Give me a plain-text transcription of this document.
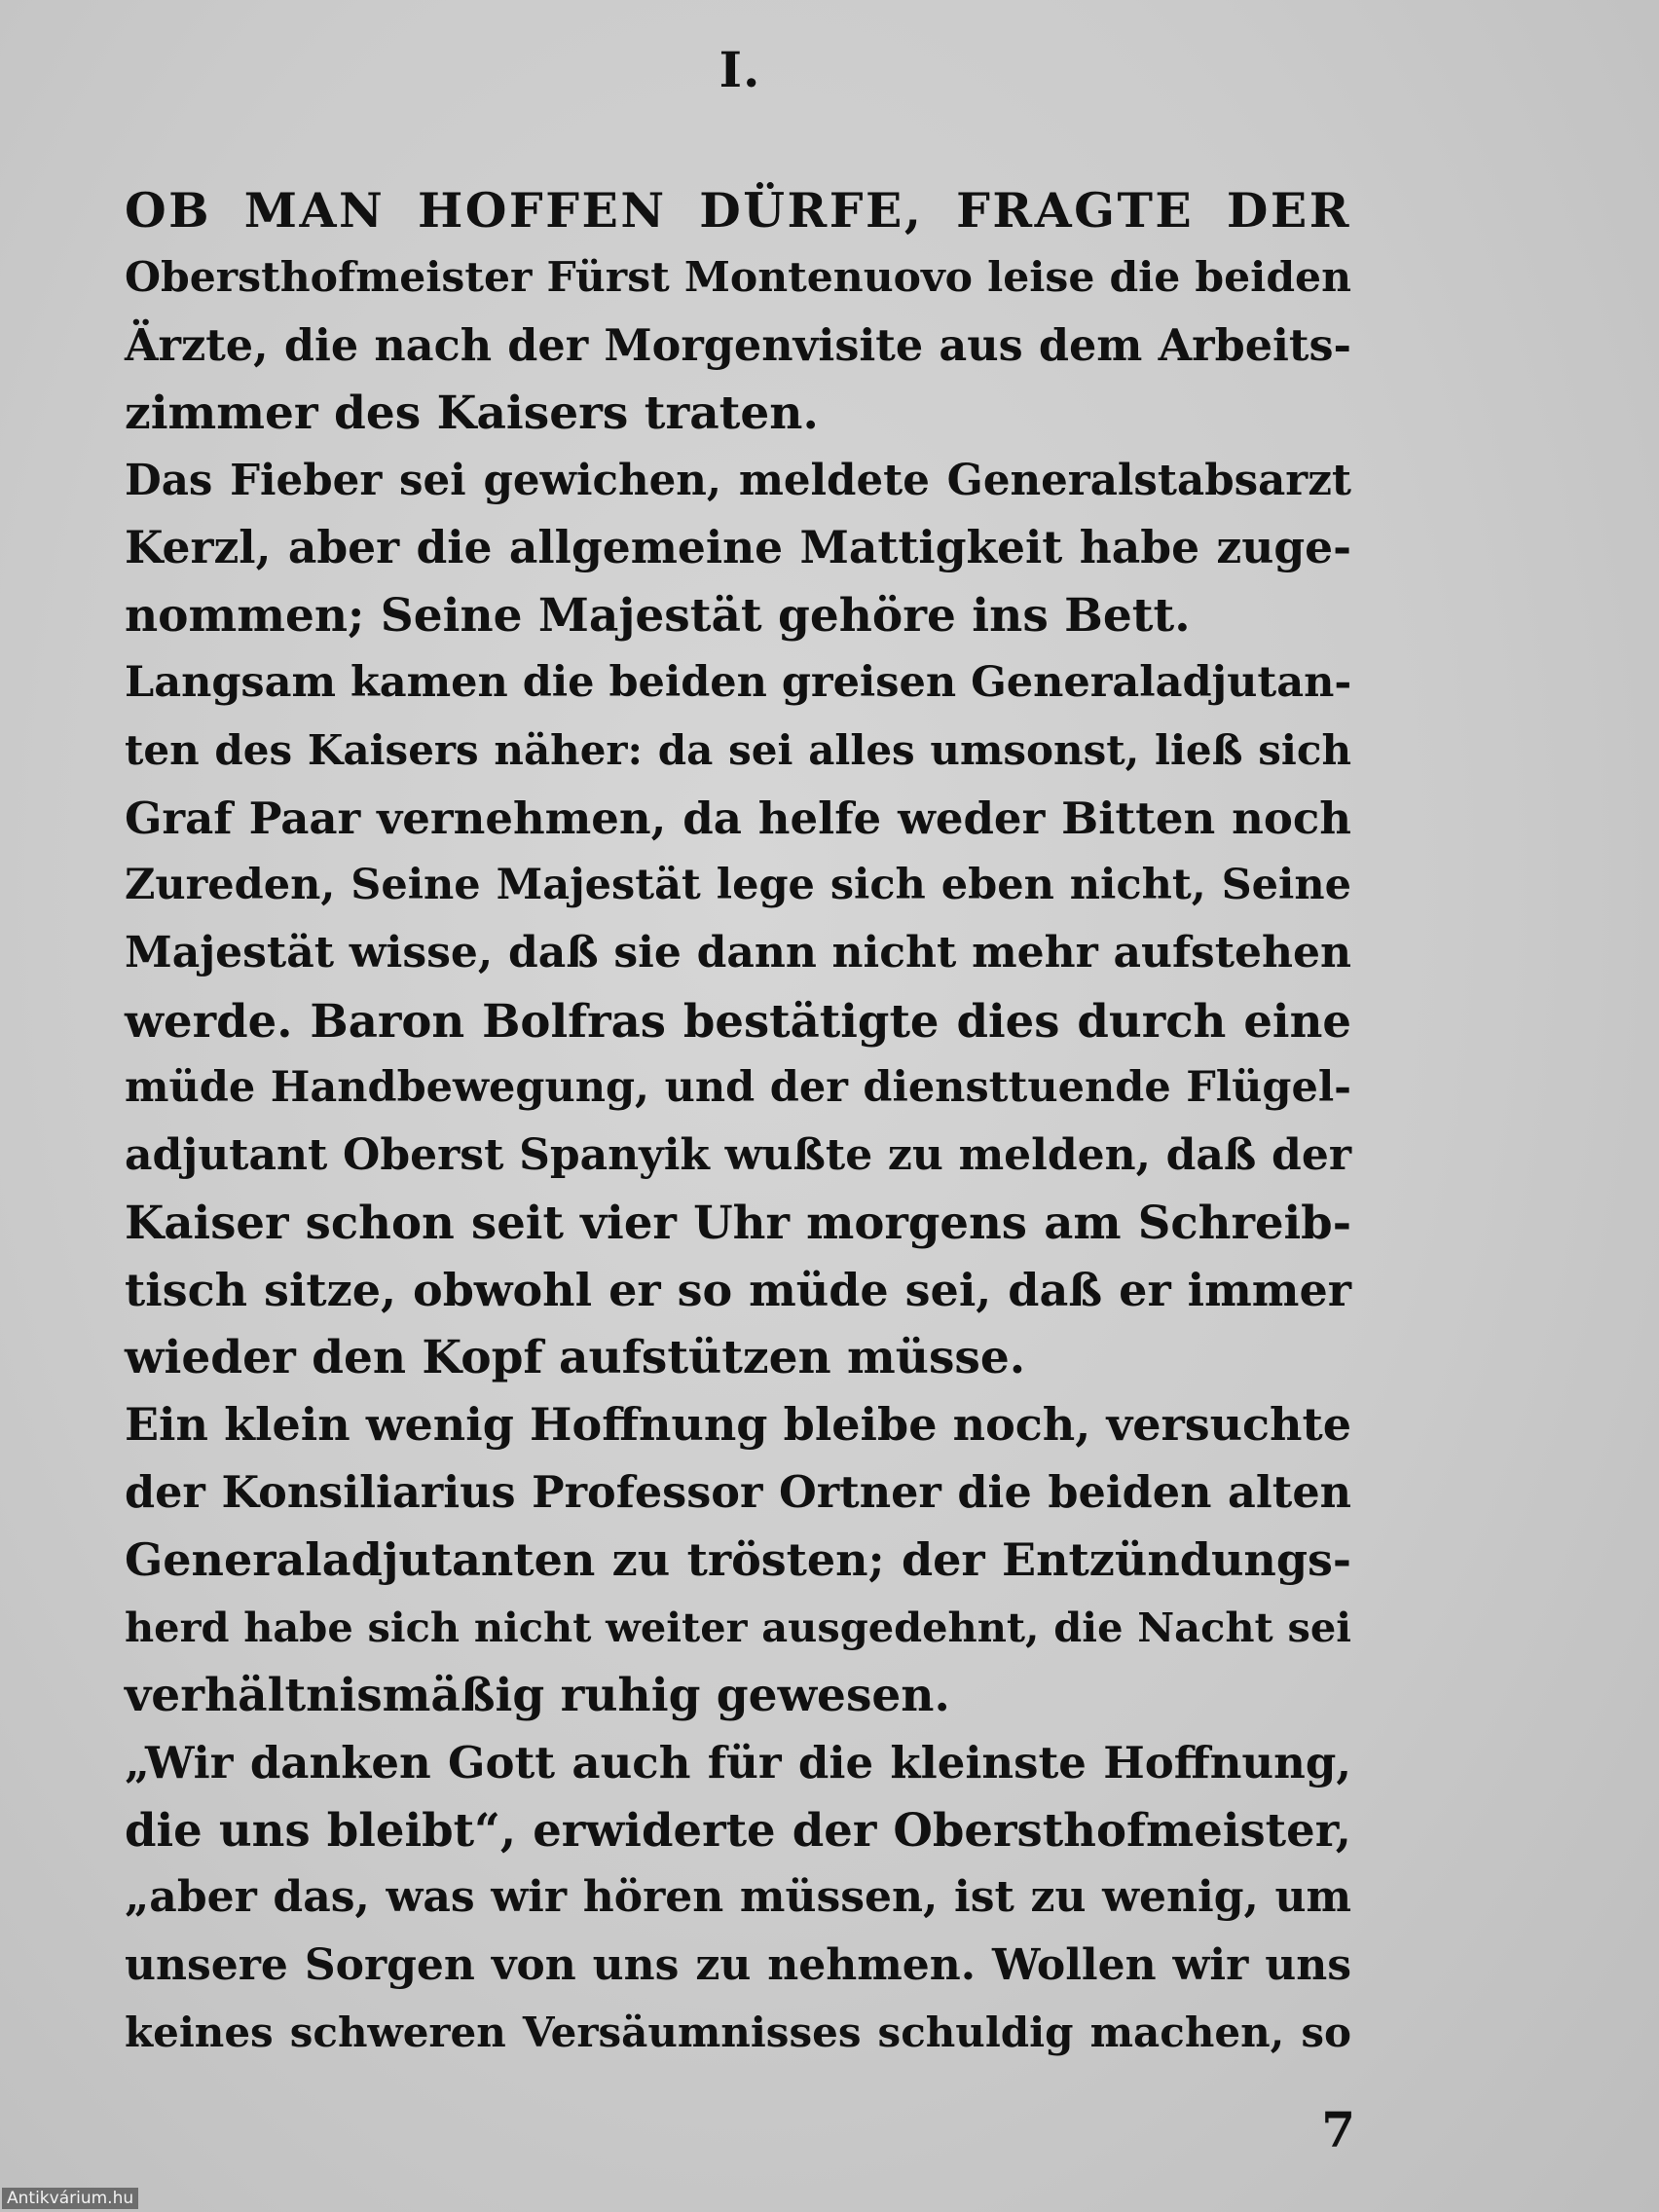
I.
OB MAN HOFFEN DÜRFE, FRAGTE DER
Obersthofmeister Fürst Montenuovo leise die beiden
Ärzte, die nach der Morgenvisite aus dem Arbeits-
zimmer des Kaisers traten.
Das Fieber sei gewichen, meldete Generalstabsarzt
Kerzl, aber die allgemeine Mattigkeit habe zuge-
nommen; Seine Majestät gehöre ins Bett.
Langsam kamen die beiden greisen Generaladjutan-
ten des Kaisers näher: da sei alles umsonst, ließ sich
Graf Paar vernehmen, da helfe weder Bitten noch
Zureden, Seine Majestät lege sich eben nicht, Seine
Majestät wisse, daß sie dann nicht mehr aufstehen
werde. Baron Bolfras bestätigte dies durch eine
müde Handbewegung, und der diensttuende Flügel-
adjutant Oberst Spanyik wußte zu melden, daß der
Kaiser schon seit vier Uhr morgens am Schreib-
tisch sitze, obwohl er so müde sei, daß er immer
wieder den Kopf aufstützen müsse.
Ein klein wenig Hoffnung bleibe noch, versuchte
der Konsiliarius Professor Ortner die beiden alten
Generaladjutanten zu trösten; der Entzündungs-
herd habe sich nicht weiter ausgedehnt, die Nacht sei
verhältnismäßig ruhig gewesen.
„Wir danken Gott auch für die kleinste Hoffnung,
die uns bleibt“, erwiderte der Obersthofmeister,
„aber das, was wir hören müssen, ist zu wenig, um
unsere Sorgen von uns zu nehmen. Wollen wir uns
keines schweren Versäumnisses schuldig machen, so
7
Antikvárium.hu
